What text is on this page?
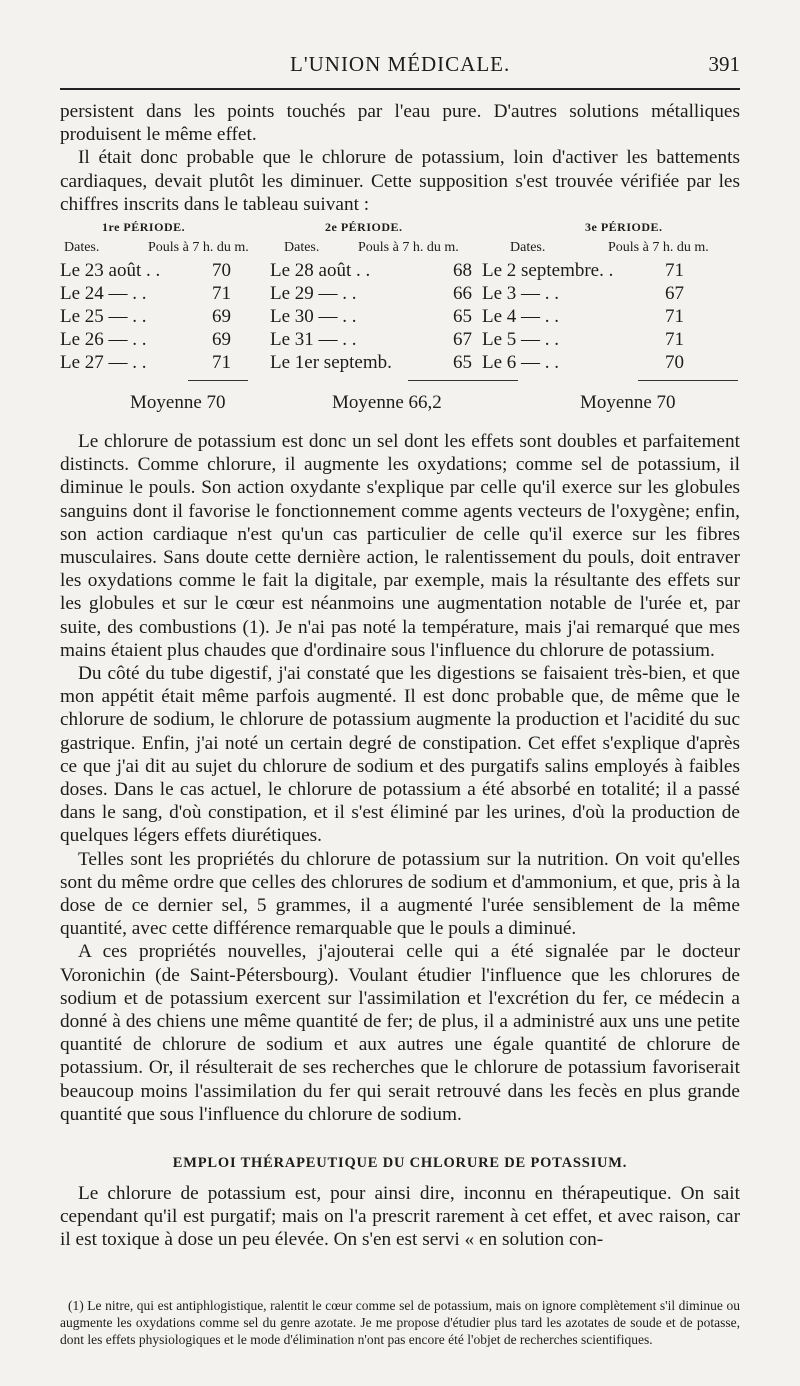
L'UNION MÉDICALE.	391

persistent dans les points touchés par l'eau pure. D'autres solutions métalliques produisent le même effet.

Il était donc probable que le chlorure de potassium, loin d'activer les battements cardiaques, devait plutôt les diminuer. Cette supposition s'est trouvée vérifiée par les chiffres inscrits dans le tableau suivant :

1re PÉRIODE.	2e PÉRIODE.	3e PÉRIODE.
Dates.	Pouls à 7 h. du m.	Dates.	Pouls à 7 h. du m.	Dates.	Pouls à 7 h. du m.
Le 23 août . .	70 Le 28 août . .	68 Le 2 septembre. .	71
Le 24 — . .	71 Le 29 — . .	66 Le 3 — . .	67
Le 25 — . .	69 Le 30 — . .	65 Le 4 — . .	71
Le 26 — . .	69 Le 31 — . .	67 Le 5 — . .	71
Le 27 — . .	71 Le 1er septemb.	65 Le 6 — . .	70
Moyenne 70	Moyenne 66,2	Moyenne 70

Le chlorure de potassium est donc un sel dont les effets sont doubles et parfaitement distincts. Comme chlorure, il augmente les oxydations; comme sel de potassium, il diminue le pouls. Son action oxydante s'explique par celle qu'il exerce sur les globules sanguins dont il favorise le fonctionnement comme agents vecteurs de l'oxygène; enfin, son action cardiaque n'est qu'un cas particulier de celle qu'il exerce sur les fibres musculaires. Sans doute cette dernière action, le ralentissement du pouls, doit entraver les oxydations comme le fait la digitale, par exemple, mais la résultante des effets sur les globules et sur le cœur est néanmoins une augmentation notable de l'urée et, par suite, des combustions (1). Je n'ai pas noté la température, mais j'ai remarqué que mes mains étaient plus chaudes que d'ordinaire sous l'influence du chlorure de potassium.

Du côté du tube digestif, j'ai constaté que les digestions se faisaient très-bien, et que mon appétit était même parfois augmenté. Il est donc probable que, de même que le chlorure de sodium, le chlorure de potassium augmente la production et l'acidité du suc gastrique. Enfin, j'ai noté un certain degré de constipation. Cet effet s'explique d'après ce que j'ai dit au sujet du chlorure de sodium et des purgatifs salins employés à faibles doses. Dans le cas actuel, le chlorure de potassium a été absorbé en totalité; il a passé dans le sang, d'où constipation, et il s'est éliminé par les urines, d'où la production de quelques légers effets diurétiques.

Telles sont les propriétés du chlorure de potassium sur la nutrition. On voit qu'elles sont du même ordre que celles des chlorures de sodium et d'ammonium, et que, pris à la dose de ce dernier sel, 5 grammes, il a augmenté l'urée sensiblement de la même quantité, avec cette différence remarquable que le pouls a diminué.

A ces propriétés nouvelles, j'ajouterai celle qui a été signalée par le docteur Voronichin (de Saint-Pétersbourg). Voulant étudier l'influence que les chlorures de sodium et de potassium exercent sur l'assimilation et l'excrétion du fer, ce médecin a donné à des chiens une même quantité de fer; de plus, il a administré aux uns une petite quantité de chlorure de sodium et aux autres une égale quantité de chlorure de potassium. Or, il résulterait de ses recherches que le chlorure de potassium favoriserait beaucoup moins l'assimilation du fer qui serait retrouvé dans les fecès en plus grande quantité que sous l'influence du chlorure de sodium.

EMPLOI THÉRAPEUTIQUE DU CHLORURE DE POTASSIUM.

Le chlorure de potassium est, pour ainsi dire, inconnu en thérapeutique. On sait cependant qu'il est purgatif; mais on l'a prescrit rarement à cet effet, et avec raison, car il est toxique à dose un peu élevée. On s'en est servi « en solution con-

(1) Le nitre, qui est antiphlogistique, ralentit le cœur comme sel de potassium, mais on ignore complètement s'il diminue ou augmente les oxydations comme sel du genre azotate. Je me propose d'étudier plus tard les azotates de soude et de potasse, dont les effets physiologiques et le mode d'élimination n'ont pas encore été l'objet de recherches scientifiques.
